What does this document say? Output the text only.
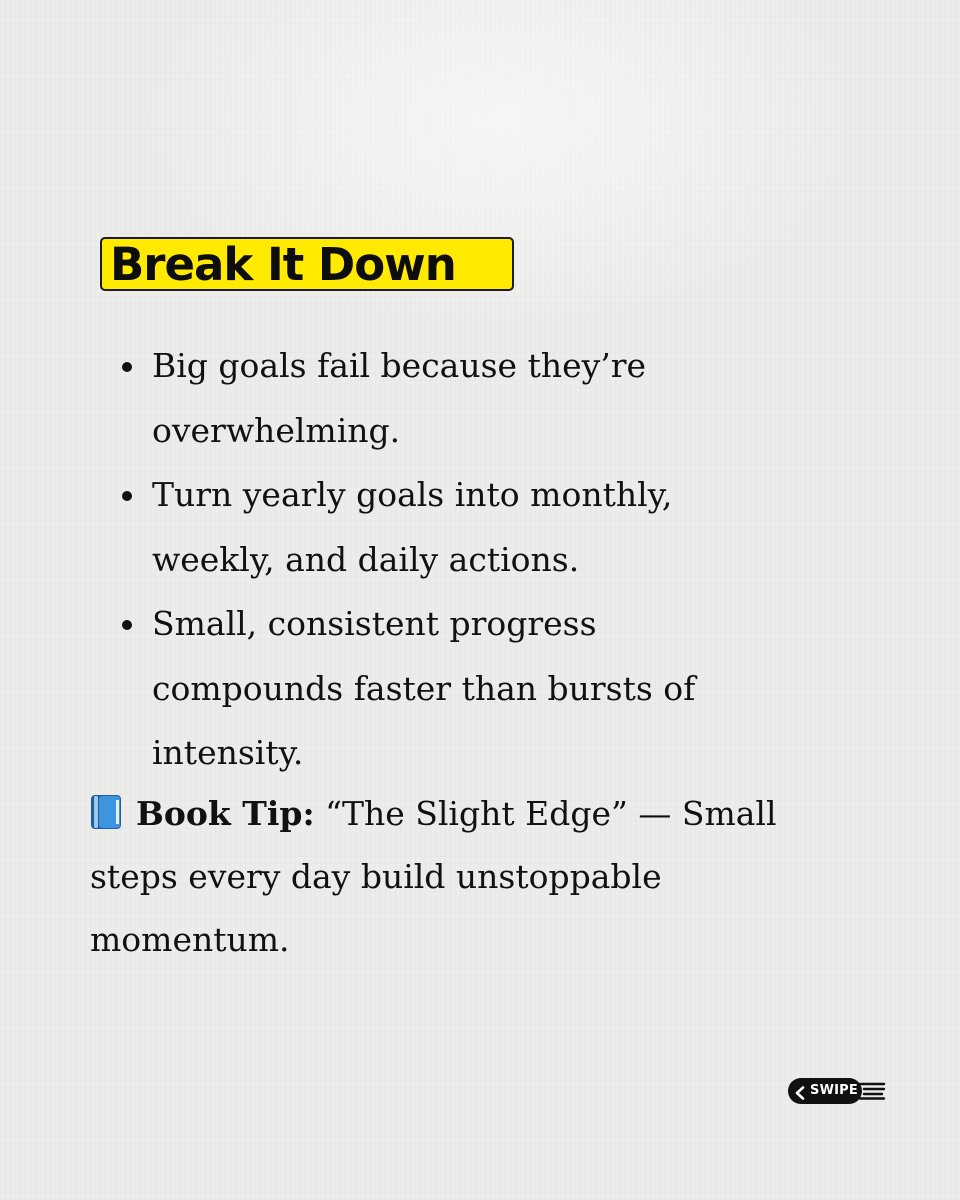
Break It Down
Big goals fail because they’re overwhelming.
Turn yearly goals into monthly, weekly, and daily actions.
Small, consistent progress compounds faster than bursts of intensity.

Book Tip: “The Slight Edge” — Small steps every day build unstoppable momentum.

SWIPE
